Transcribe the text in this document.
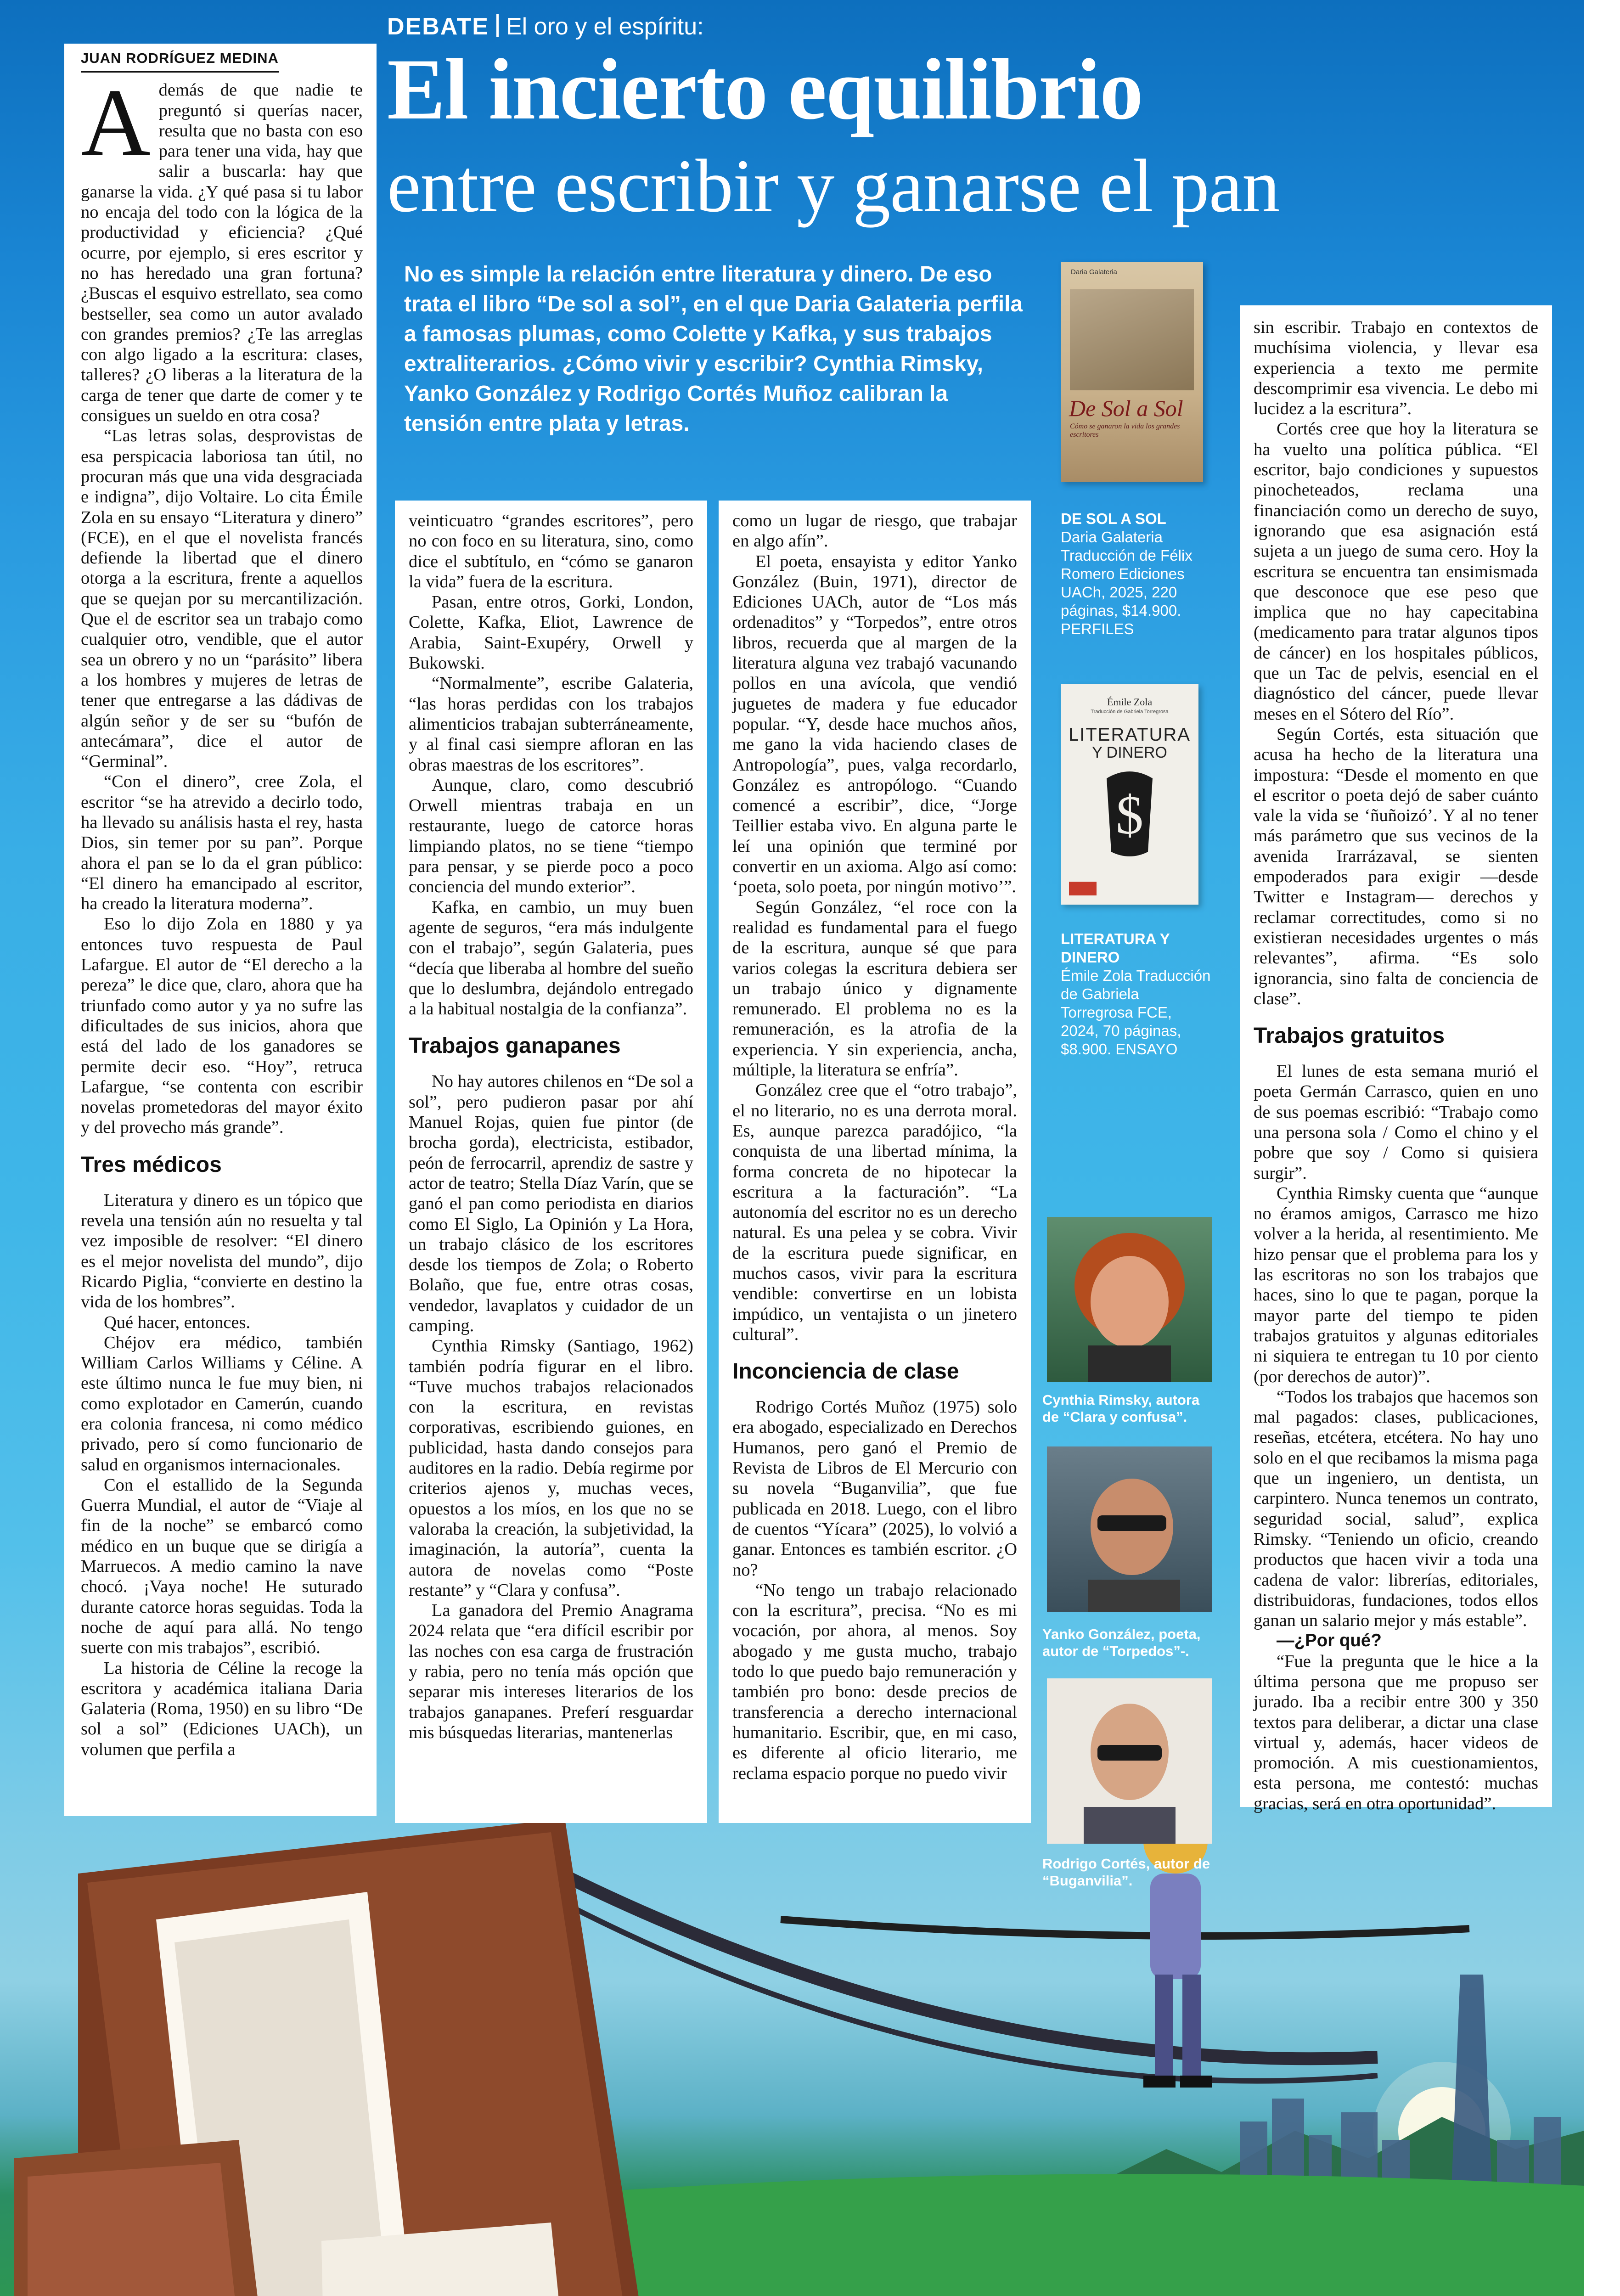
DEBATE El oro y el espíritu:
El incierto equilibrio
entre escribir y ganarse el pan
No es simple la relación entre literatura y dinero. De eso trata el libro “De sol a sol”, en el que Daria Galateria perfila a famosas plumas, como Colette y Kafka, y sus trabajos extraliterarios. ¿Cómo vivir y escribir? Cynthia Rimsky, Yanko González y Rodrigo Cortés Muñoz calibran la tensión entre plata y letras.
JUAN RODRÍGUEZ MEDINA

Además de que nadie te preguntó si querías nacer, resulta que no basta con eso para tener una vida, hay que salir a buscarla: hay que ganarse la vida. ¿Y qué pasa si tu labor no encaja del todo con la lógica de la productividad y eficiencia? ¿Qué ocurre, por ejemplo, si eres escritor y no has heredado una gran fortuna? ¿Buscas el esquivo estrellato, sea como bestseller, sea como un autor avalado con grandes premios? ¿Te las arreglas con algo ligado a la escritura: clases, talleres? ¿O liberas a la literatura de la carga de tener que darte de comer y te consigues un sueldo en otra cosa?

“Las letras solas, desprovistas de esa perspicacia laboriosa tan útil, no procuran más que una vida desgraciada e indigna”, dijo Voltaire. Lo cita Émile Zola en su ensayo “Literatura y dinero” (FCE), en el que el novelista francés defiende la libertad que el dinero otorga a la escritura, frente a aquellos que se quejan por su mercantilización. Que el de escritor sea un trabajo como cualquier otro, vendible, que el autor sea un obrero y no un “parásito” libera a los hombres y mujeres de letras de tener que entregarse a las dádivas de algún señor y de ser su “bufón de antecámara”, dice el autor de “Germinal”.

“Con el dinero”, cree Zola, el escritor “se ha atrevido a decirlo todo, ha llevado su análisis hasta el rey, hasta Dios, sin temer por su pan”. Porque ahora el pan se lo da el gran público: “El dinero ha emancipado al escritor, ha creado la literatura moderna”.

Eso lo dijo Zola en 1880 y ya entonces tuvo respuesta de Paul Lafargue. El autor de “El derecho a la pereza” le dice que, claro, ahora que ha triunfado como autor y ya no sufre las dificultades de sus inicios, ahora que está del lado de los ganadores se permite decir eso. “Hoy”, retruca Lafargue, “se contenta con escribir novelas prometedoras del mayor éxito y del provecho más grande”.

Tres médicos

Literatura y dinero es un tópico que revela una tensión aún no resuelta y tal vez imposible de resolver: “El dinero es el mejor novelista del mundo”, dijo Ricardo Piglia, “convierte en destino la vida de los hombres”.

Qué hacer, entonces.

Chéjov era médico, también William Carlos Williams y Céline. A este último nunca le fue muy bien, ni como explotador en Camerún, cuando era colonia francesa, ni como médico privado, pero sí como funcionario de salud en organismos internacionales.

Con el estallido de la Segunda Guerra Mundial, el autor de “Viaje al fin de la noche” se embarcó como médico en un buque que se dirigía a Marruecos. A medio camino la nave chocó. ¡Vaya noche! He suturado durante catorce horas seguidas. Toda la noche de aquí para allá. No tengo suerte con mis trabajos”, escribió.

La historia de Céline la recoge la escritora y académica italiana Daria Galateria (Roma, 1950) en su libro “De sol a sol” (Ediciones UACh), un volumen que perfila a

veinticuatro “grandes escritores”, pero no con foco en su literatura, sino, como dice el subtítulo, en “cómo se ganaron la vida” fuera de la escritura.

Pasan, entre otros, Gorki, London, Colette, Kafka, Eliot, Lawrence de Arabia, Saint-Exupéry, Orwell y Bukowski.

“Normalmente”, escribe Galateria, “las horas perdidas con los trabajos alimenticios trabajan subterráneamente, y al final casi siempre afloran en las obras maestras de los escritores”.

Aunque, claro, como descubrió Orwell mientras trabaja en un restaurante, luego de catorce horas limpiando platos, no se tiene “tiempo para pensar, y se pierde poco a poco conciencia del mundo exterior”.

Kafka, en cambio, un muy buen agente de seguros, “era más indulgente con el trabajo”, según Galateria, pues “decía que liberaba al hombre del sueño que lo deslumbra, dejándolo entregado a la habitual nostalgia de la confianza”.

Trabajos ganapanes

No hay autores chilenos en “De sol a sol”, pero pudieron pasar por ahí Manuel Rojas, quien fue pintor (de brocha gorda), electricista, estibador, peón de ferrocarril, aprendiz de sastre y actor de teatro; Stella Díaz Varín, que se ganó el pan como periodista en diarios como El Siglo, La Opinión y La Hora, un trabajo clásico de los escritores desde los tiempos de Zola; o Roberto Bolaño, que fue, entre otras cosas, vendedor, lavaplatos y cuidador de un camping.

Cynthia Rimsky (Santiago, 1962) también podría figurar en el libro. “Tuve muchos trabajos relacionados con la escritura, en revistas corporativas, escribiendo guiones, en publicidad, hasta dando consejos para auditores en la radio. Debía regirme por criterios ajenos y, muchas veces, opuestos a los míos, en los que no se valoraba la creación, la subjetividad, la imaginación, la autoría”, cuenta la autora de novelas como “Poste restante” y “Clara y confusa”.

La ganadora del Premio Anagrama 2024 relata que “era difícil escribir por las noches con esa carga de frustración y rabia, pero no tenía más opción que separar mis intereses literarios de los trabajos ganapanes. Preferí resguardar mis búsquedas literarias, mantenerlas

como un lugar de riesgo, que trabajar en algo afín”.

El poeta, ensayista y editor Yanko González (Buin, 1971), director de Ediciones UACh, autor de “Los más ordenaditos” y “Torpedos”, entre otros libros, recuerda que al margen de la literatura alguna vez trabajó vacunando pollos en una avícola, que vendió juguetes de madera y fue educador popular. “Y, desde hace muchos años, me gano la vida haciendo clases de Antropología”, pues, valga recordarlo, González es antropólogo. “Cuando comencé a escribir”, dice, “Jorge Teillier estaba vivo. En alguna parte le leí una opinión que terminé por convertir en un axioma. Algo así como: ‘poeta, solo poeta, por ningún motivo’”.

Según González, “el roce con la realidad es fundamental para el fuego de la escritura, aunque sé que para varios colegas la escritura debiera ser un trabajo único y dignamente remunerado. El problema no es la remuneración, es la atrofia de la experiencia. Y sin experiencia, ancha, múltiple, la literatura se enfría”.

González cree que el “otro trabajo”, el no literario, no es una derrota moral. Es, aunque parezca paradójico, “la conquista de una libertad mínima, la forma concreta de no hipotecar la escritura a la facturación”. “La autonomía del escritor no es un derecho natural. Es una pelea y se cobra. Vivir de la escritura puede significar, en muchos casos, vivir para la escritura vendible: convertirse en un lobista impúdico, un ventajista o un jinetero cultural”.

Inconciencia de clase

Rodrigo Cortés Muñoz (1975) solo era abogado, especializado en Derechos Humanos, pero ganó el Premio de Revista de Libros de El Mercurio con su novela “Buganvilia”, que fue publicada en 2018. Luego, con el libro de cuentos “Yícara” (2025), lo volvió a ganar. Entonces es también escritor. ¿O no?

“No tengo un trabajo relacionado con la escritura”, precisa. “No es mi vocación, por ahora, al menos. Soy abogado y me gusta mucho, trabajo todo lo que puedo bajo remuneración y también pro bono: desde precios de transferencia a derecho internacional humanitario. Escribir, que, en mi caso, es diferente al oficio literario, me reclama espacio porque no puedo vivir

sin escribir. Trabajo en contextos de muchísima violencia, y llevar esa experiencia a texto me permite descomprimir esa vivencia. Le debo mi lucidez a la escritura”.

Cortés cree que hoy la literatura se ha vuelto una política pública. “El escritor, bajo condiciones y supuestos pinocheteados, reclama una financiación como un derecho de suyo, ignorando que esa asignación está sujeta a un juego de suma cero. Hoy la escritura se encuentra tan ensimismada que desconoce que ese peso que implica que no hay capecitabina (medicamento para tratar algunos tipos de cáncer) en los hospitales públicos, que un Tac de pelvis, esencial en el diagnóstico del cáncer, puede llevar meses en el Sótero del Río”.

Según Cortés, esta situación que acusa ha hecho de la literatura una impostura: “Desde el momento en que el escritor o poeta dejó de saber cuánto vale la vida se ‘ñuñoizó’. Y al no tener más parámetro que sus vecinos de la avenida Irarrázaval, se sienten empoderados para exigir —desde Twitter e Instagram— derechos y reclamar correctitudes, como si no existieran necesidades urgentes o más relevantes”, afirma. “Es solo ignorancia, sino falta de conciencia de clase”.

Trabajos gratuitos

El lunes de esta semana murió el poeta Germán Carrasco, quien en uno de sus poemas escribió: “Trabajo como una persona sola / Como el chino y el pobre que soy / Como si quisiera surgir”.

Cynthia Rimsky cuenta que “aunque no éramos amigos, Carrasco me hizo volver a la herida, al resentimiento. Me hizo pensar que el problema para los y las escritoras no son los trabajos que haces, sino lo que te pagan, porque la mayor parte del tiempo te piden trabajos gratuitos y algunas editoriales ni siquiera te entregan tu 10 por ciento (por derechos de autor)”.

“Todos los trabajos que hacemos son mal pagados: clases, publicaciones, reseñas, etcétera, etcétera. No hay uno solo en el que recibamos la misma paga que un ingeniero, un dentista, un carpintero. Nunca tenemos un contrato, seguridad social, salud”, explica Rimsky. “Teniendo un oficio, creando productos que hacen vivir a toda una cadena de valor: librerías, editoriales, distribuidoras, fundaciones, todos ellos ganan un salario mejor y más estable”.

—¿Por qué?

“Fue la pregunta que le hice a la última persona que me propuso ser jurado. Iba a recibir entre 300 y 350 textos para deliberar, a dictar una clase virtual y, además, hacer videos de promoción. A mis cuestionamientos, esta persona, me contestó: muchas gracias, será en otra oportunidad”.

Daria Galateria
De Sol a Sol
Cómo se ganaron la vida los grandes escritores
DE SOL A SOL
Daria Galateria Traducción de Félix Romero Ediciones UACh, 2025, 220 páginas, $14.900. PERFILES
Émile Zola
Traducción de Gabriela Torregrosa
LITERATURA
Y DINERO
$
LITERATURA Y DINERO
Émile Zola Traducción de Gabriela Torregrosa FCE, 2024, 70 páginas, $8.900. ENSAYO
Cynthia Rimsky, autora de “Clara y confusa”.
Yanko González, poeta, autor de “Torpedos”-.
Rodrigo Cortés, autor de “Buganvilia”.
